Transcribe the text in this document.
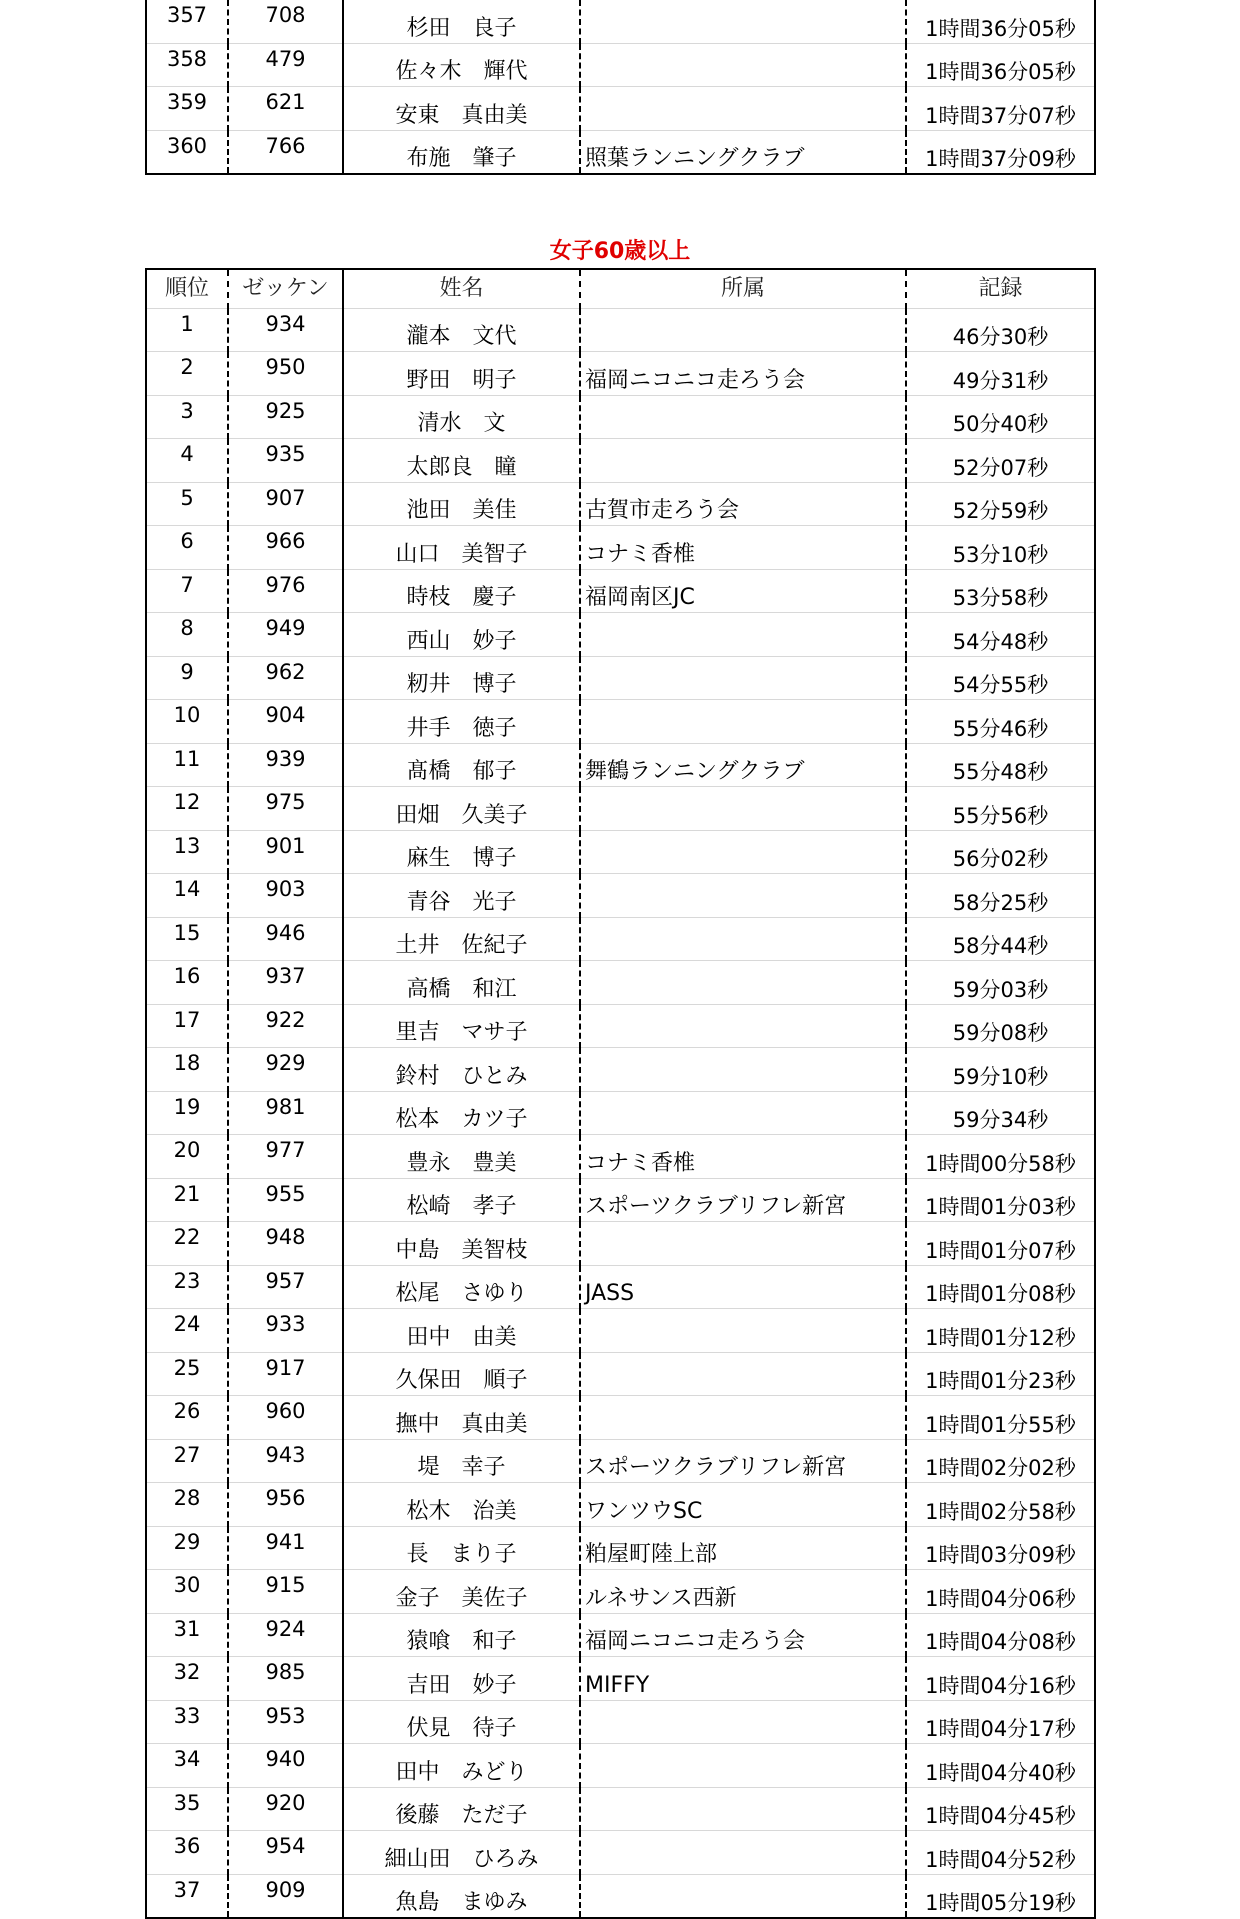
357	708	杉田　良子		1時間36分05秒
358	479	佐々木　輝代		1時間36分05秒
359	621	安東　真由美		1時間37分07秒
360	766	布施　肇子	照葉ランニングクラブ	1時間37分09秒
女子60歳以上
順位	ゼッケン	姓名	所属	記録
1	934	瀧本　文代		46分30秒
2	950	野田　明子	福岡ニコニコ走ろう会	49分31秒
3	925	清水　文		50分40秒
4	935	太郎良　瞳		52分07秒
5	907	池田　美佳	古賀市走ろう会	52分59秒
6	966	山口　美智子	コナミ香椎	53分10秒
7	976	時枝　慶子	福岡南区JC	53分58秒
8	949	西山　妙子		54分48秒
9	962	籾井　博子		54分55秒
10	904	井手　徳子		55分46秒
11	939	髙橋　郁子	舞鶴ランニングクラブ	55分48秒
12	975	田畑　久美子		55分56秒
13	901	麻生　博子		56分02秒
14	903	青谷　光子		58分25秒
15	946	土井　佐紀子		58分44秒
16	937	高橋　和江		59分03秒
17	922	里吉　マサ子		59分08秒
18	929	鈴村　ひとみ		59分10秒
19	981	松本　カツ子		59分34秒
20	977	豊永　豊美	コナミ香椎	1時間00分58秒
21	955	松崎　孝子	スポーツクラブリフレ新宮	1時間01分03秒
22	948	中島　美智枝		1時間01分07秒
23	957	松尾　さゆり	JASS	1時間01分08秒
24	933	田中　由美		1時間01分12秒
25	917	久保田　順子		1時間01分23秒
26	960	撫中　真由美		1時間01分55秒
27	943	堤　幸子	スポーツクラブリフレ新宮	1時間02分02秒
28	956	松木　治美	ワンツウSC	1時間02分58秒
29	941	長　まり子	粕屋町陸上部	1時間03分09秒
30	915	金子　美佐子	ルネサンス西新	1時間04分06秒
31	924	猿喰　和子	福岡ニコニコ走ろう会	1時間04分08秒
32	985	吉田　妙子	MIFFY	1時間04分16秒
33	953	伏見　待子		1時間04分17秒
34	940	田中　みどり		1時間04分40秒
35	920	後藤　ただ子		1時間04分45秒
36	954	細山田　ひろみ		1時間04分52秒
37	909	魚島　まゆみ		1時間05分19秒
